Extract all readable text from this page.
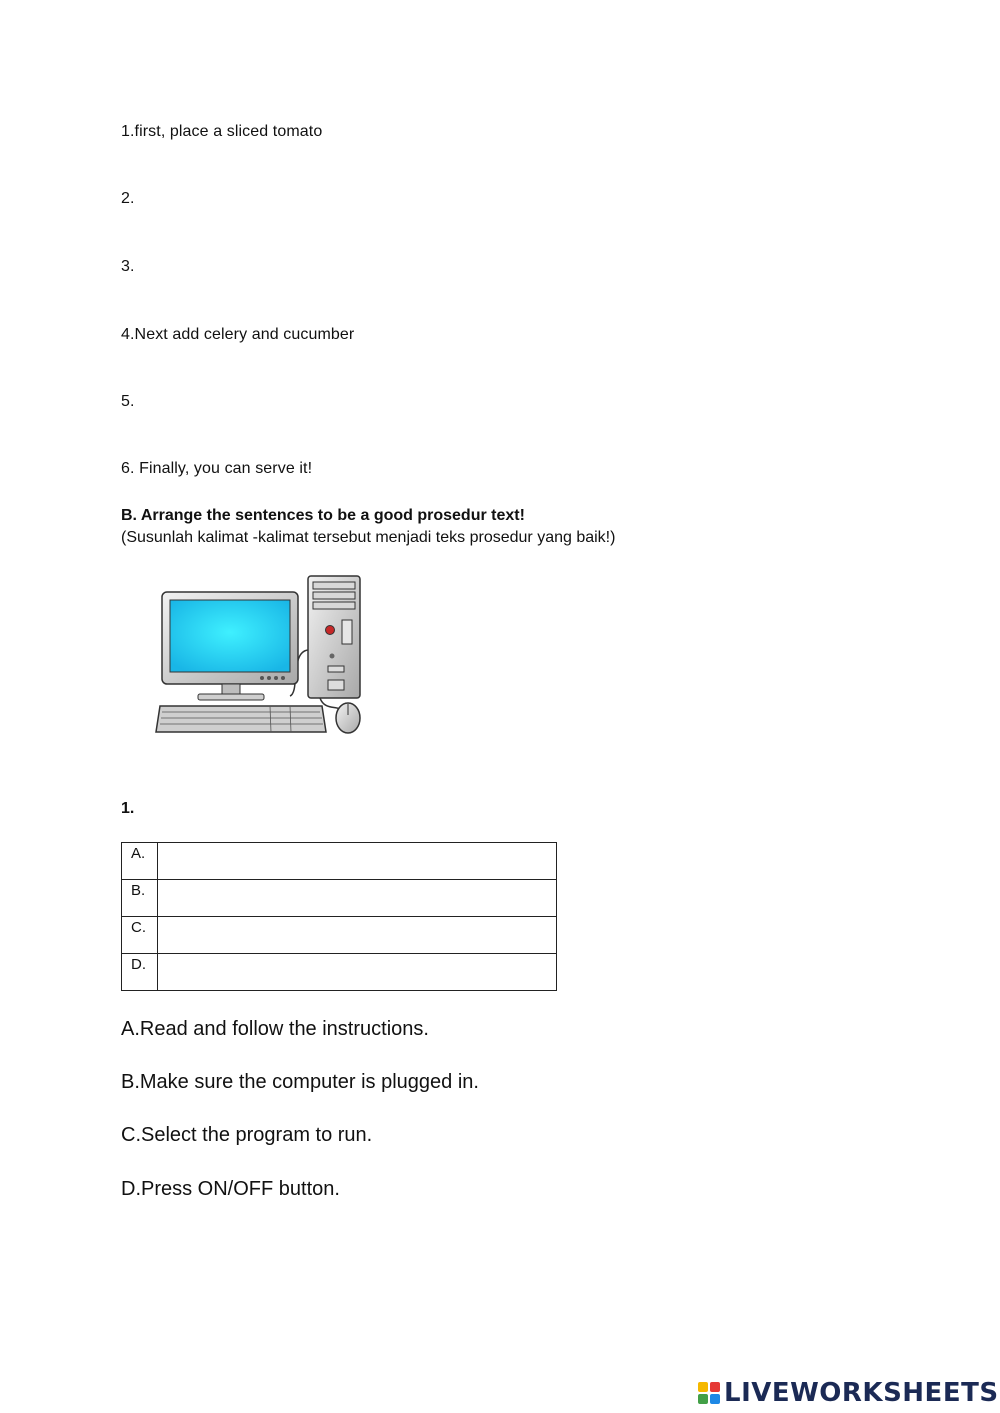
1.first, place a sliced tomato

2.

3.

4.Next add celery and cucumber

5.

6. Finally, you can serve it!

B. Arrange the sentences to be a good prosedur text!

(Susunlah kalimat -kalimat tersebut menjadi teks prosedur yang baik!)

1.

A.	
B.	
C.	
D.	

A.Read and follow the instructions.

B.Make sure the computer is plugged in.

C.Select the program to run.

D.Press ON/OFF button.

LIVEWORKSHEETS
